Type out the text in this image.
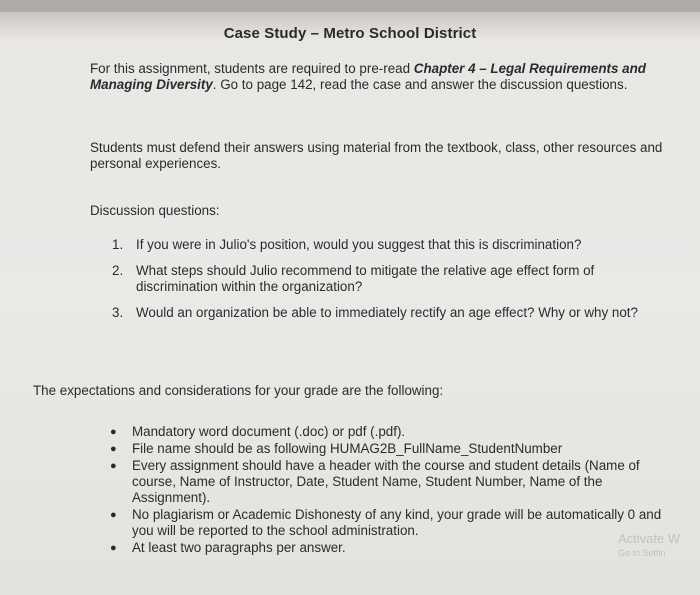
Case Study – Metro School District
For this assignment, students are required to pre-read Chapter 4 – Legal Requirements and Managing Diversity. Go to page 142, read the case and answer the discussion questions.
Students must defend their answers using material from the textbook, class, other resources and personal experiences.
Discussion questions:
1. If you were in Julio's position, would you suggest that this is discrimination?
2. What steps should Julio recommend to mitigate the relative age effect form of discrimination within the organization?
3. Would an organization be able to immediately rectify an age effect? Why or why not?
The expectations and considerations for your grade are the following:
●	Mandatory word document (.doc) or pdf (.pdf).
●	File name should be as following HUMAG2B_FullName_StudentNumber
●	Every assignment should have a header with the course and student details (Name of course, Name of Instructor, Date, Student Name, Student Number, Name of the Assignment).
●	No plagiarism or Academic Dishonesty of any kind, your grade will be automatically 0 and you will be reported to the school administration.
●	At least two paragraphs per answer.
Activate W
Go to Settin
